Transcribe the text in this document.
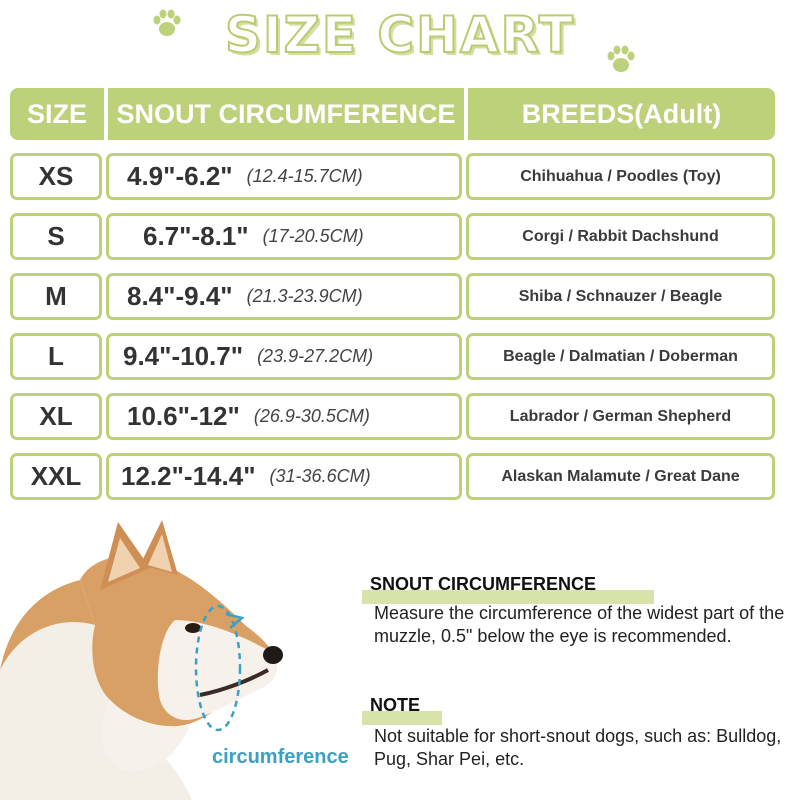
SIZE CHART
SIZE	SNOUT CIRCUMFERENCE	BREEDS(Adult)
XS	4.9"-6.2" (12.4-15.7CM)	Chihuahua / Poodles (Toy)
S	6.7"-8.1" (17-20.5CM)	Corgi / Rabbit Dachshund
M	8.4"-9.4" (21.3-23.9CM)	Shiba / Schnauzer / Beagle
L	9.4"-10.7" (23.9-27.2CM)	Beagle / Dalmatian / Doberman
XL	10.6"-12" (26.9-30.5CM)	Labrador / German Shepherd
XXL	12.2"-14.4" (31-36.6CM)	Alaskan Malamute / Great Dane
circumference
SNOUT CIRCUMFERENCE
Measure the circumference of the widest part of the muzzle, 0.5" below the eye is recommended.
NOTE
Not suitable for short-snout dogs, such as: Bulldog, Pug, Shar Pei, etc.
